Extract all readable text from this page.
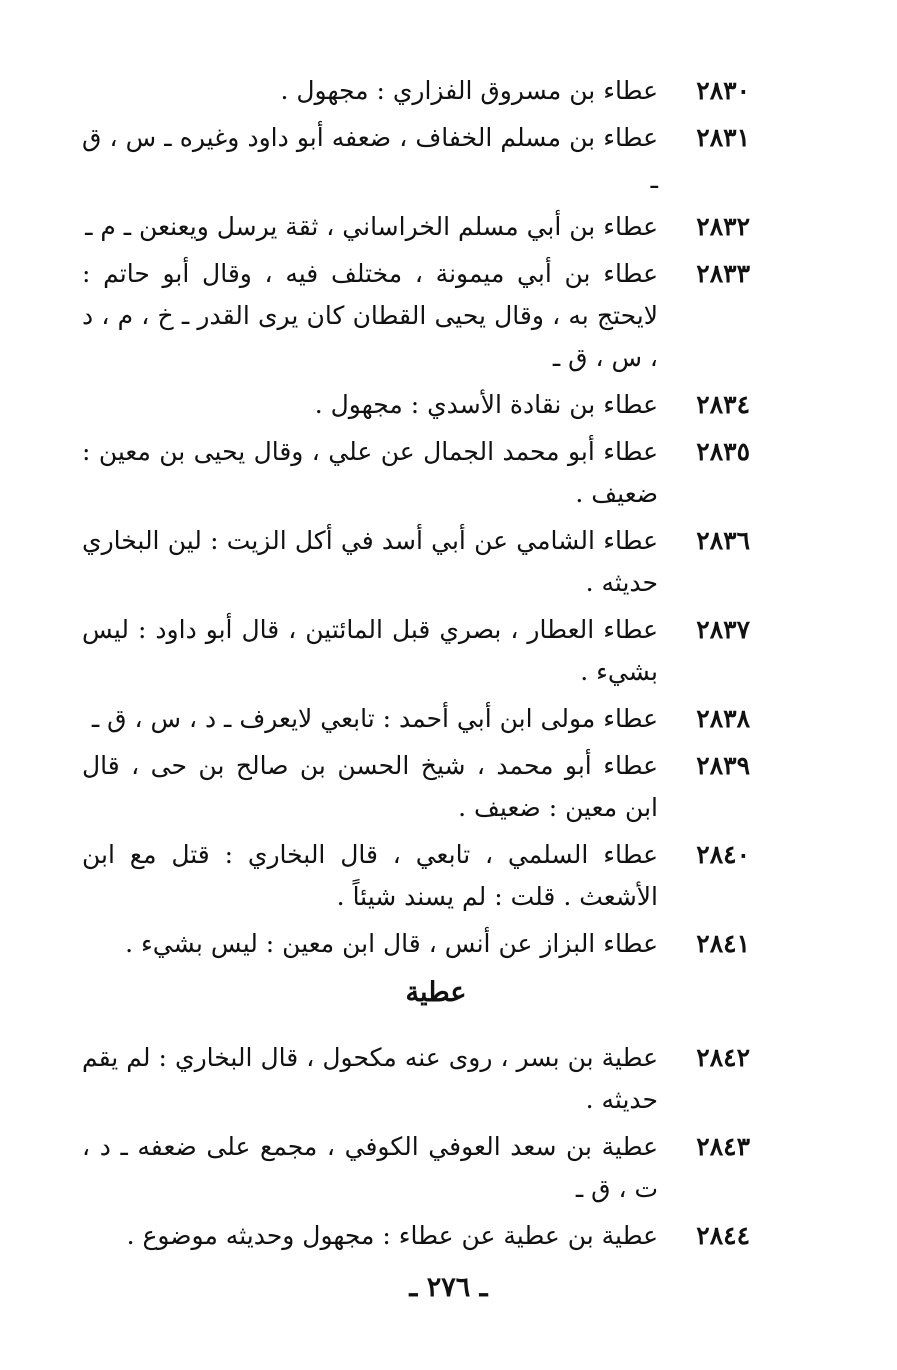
٢٨٣٠
عطاء بن مسروق الفزاري : مجهول .
٢٨٣١
عطاء بن مسلم الخفاف ، ضعفه أبو داود وغيره ـ س ، ق ـ
٢٨٣٢
عطاء بن أبي مسلم الخراساني ، ثقة يرسل ويعنعن ـ م ـ
٢٨٣٣
عطاء بن أبي ميمونة ، مختلف فيه ، وقال أبو حاتم : لايحتج به ، وقال يحيى القطان كان يرى القدر ـ خ ، م ، د ، س ، ق ـ
٢٨٣٤
عطاء بن نقادة الأسدي : مجهول .
٢٨٣٥
عطاء أبو محمد الجمال عن علي ، وقال يحيى بن معين : ضعيف .
٢٨٣٦
عطاء الشامي عن أبي أسد في أكل الزيت : لين البخاري حديثه .
٢٨٣٧
عطاء العطار ، بصري قبل المائتين ، قال أبو داود : ليس بشيء .
٢٨٣٨
عطاء مولى ابن أبي أحمد : تابعي لايعرف ـ د ، س ، ق ـ
٢٨٣٩
عطاء أبو محمد ، شيخ الحسن بن صالح بن حى ، قال ابن معين : ضعيف .
٢٨٤٠
عطاء السلمي ، تابعي ، قال البخاري : قتل مع ابن الأشعث . قلت : لم يسند شيئاً .
٢٨٤١
عطاء البزاز عن أنس ، قال ابن معين : ليس بشيء .
عطية
٢٨٤٢
عطية بن بسر ، روى عنه مكحول ، قال البخاري : لم يقم حديثه .
٢٨٤٣
عطية بن سعد العوفي الكوفي ، مجمع على ضعفه ـ د ، ت ، ق ـ
٢٨٤٤
عطية بن عطية عن عطاء : مجهول وحديثه موضوع .
ـ ٢٧٦ ـ
